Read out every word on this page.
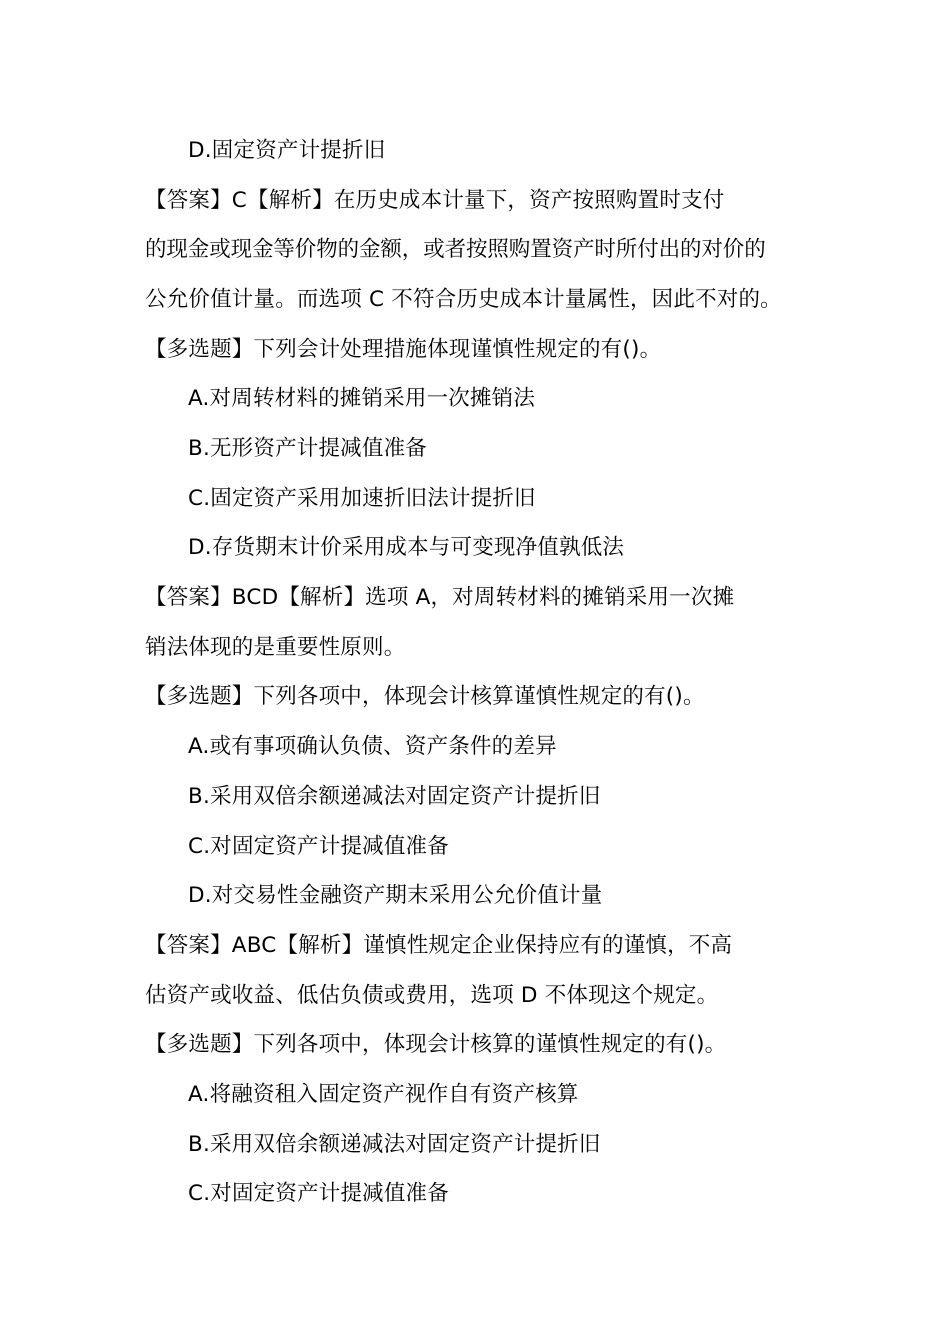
D.固定资产计提折旧
【答案】C【解析】在历史成本计量下，资产按照购置时支付
的现金或现金等价物的金额，或者按照购置资产时所付出的对价的
公允价值计量。而选项 C 不符合历史成本计量属性，因此不对的。
【多选题】下列会计处理措施体现谨慎性规定的有()。
A.对周转材料的摊销采用一次摊销法
B.无形资产计提减值准备
C.固定资产采用加速折旧法计提折旧
D.存货期末计价采用成本与可变现净值孰低法
【答案】BCD【解析】选项 A，对周转材料的摊销采用一次摊
销法体现的是重要性原则。
【多选题】下列各项中，体现会计核算谨慎性规定的有()。
A.或有事项确认负债、资产条件的差异
B.采用双倍余额递减法对固定资产计提折旧
C.对固定资产计提减值准备
D.对交易性金融资产期末采用公允价值计量
【答案】ABC【解析】谨慎性规定企业保持应有的谨慎，不高
估资产或收益、低估负债或费用，选项 D 不体现这个规定。
【多选题】下列各项中，体现会计核算的谨慎性规定的有()。
A.将融资租入固定资产视作自有资产核算
B.采用双倍余额递减法对固定资产计提折旧
C.对固定资产计提减值准备
